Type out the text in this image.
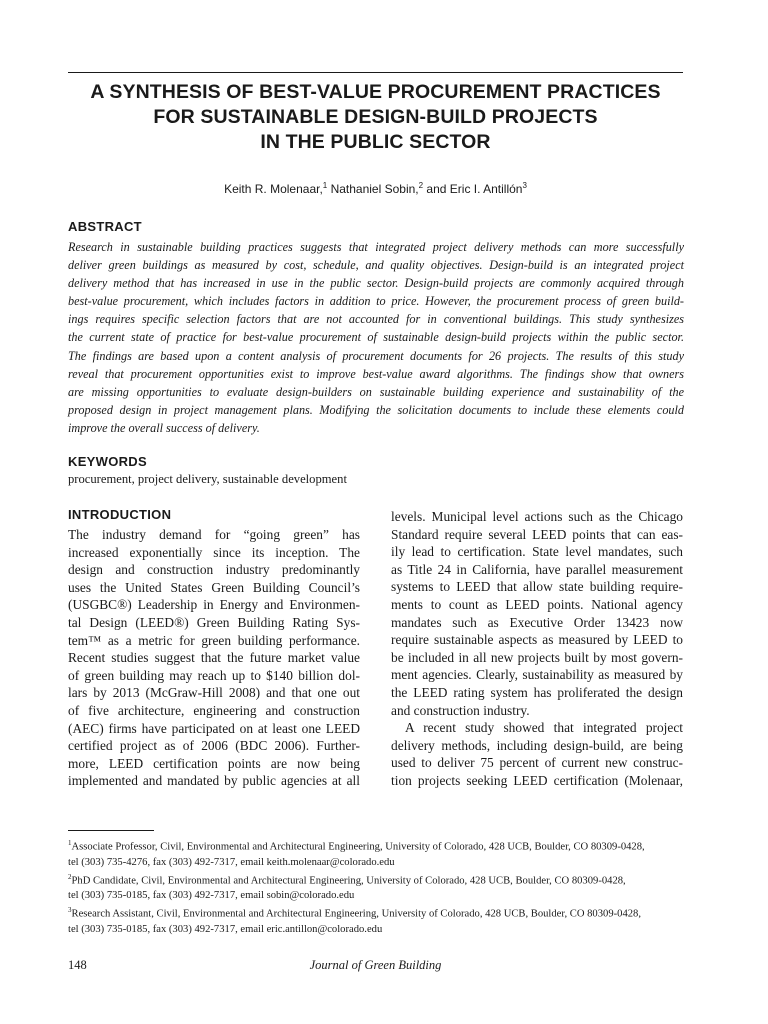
A SYNTHESIS OF BEST-VALUE PROCUREMENT PRACTICES
FOR SUSTAINABLE DESIGN-BUILD PROJECTS
IN THE PUBLIC SECTOR
Keith R. Molenaar,$^1$ Nathaniel Sobin,$^2$ and Eric I. Antillón$^3$
ABSTRACT
Research in sustainable building practices suggests that integrated project delivery methods can more successfully
deliver green buildings as measured by cost, schedule, and quality objectives. Design-build is an integrated project
delivery method that has increased in use in the public sector. Design-build projects are commonly acquired through
best-value procurement, which includes factors in addition to price. However, the procurement process of green build-
ings requires specific selection factors that are not accounted for in conventional buildings. This study synthesizes
the current state of practice for best-value procurement of sustainable design-build projects within the public sector.
The findings are based upon a content analysis of procurement documents for 26 projects. The results of this study
reveal that procurement opportunities exist to improve best-value award algorithms. The findings show that owners
are missing opportunities to evaluate design-builders on sustainable building experience and sustainability of the
proposed design in project management plans. Modifying the solicitation documents to include these elements could
improve the overall success of delivery.
KEYWORDS
procurement, project delivery, sustainable development
INTRODUCTION
The industry demand for “going green” has
increased exponentially since its inception. The
design and construction industry predominantly
uses the United States Green Building Council’s
(USGBC®) Leadership in Energy and Environmen-
tal Design (LEED®) Green Building Rating Sys-
tem™ as a metric for green building performance.
Recent studies suggest that the future market value
of green building may reach up to $140 billion dol-
lars by 2013 (McGraw-Hill 2008) and that one out
of five architecture, engineering and construction
(AEC) firms have participated on at least one LEED
certified project as of 2006 (BDC 2006). Further-
more, LEED certification points are now being
implemented and mandated by public agencies at all
levels. Municipal level actions such as the Chicago
Standard require several LEED points that can eas-
ily lead to certification. State level mandates, such
as Title 24 in California, have parallel measurement
systems to LEED that allow state building require-
ments to count as LEED points. National agency
mandates such as Executive Order 13423 now
require sustainable aspects as measured by LEED to
be included in all new projects built by most govern-
ment agencies. Clearly, sustainability as measured by
the LEED rating system has proliferated the design
and construction industry.
A recent study showed that integrated project
delivery methods, including design-build, are being
used to deliver 75 percent of current new construc-
tion projects seeking LEED certification (Molenaar,
$^1$Associate Professor, Civil, Environmental and Architectural Engineering, University of Colorado, 428 UCB, Boulder, CO 80309-0428,
tel (303) 735-4276, fax (303) 492-7317, email keith.molenaar@colorado.edu
$^2$PhD Candidate, Civil, Environmental and Architectural Engineering, University of Colorado, 428 UCB, Boulder, CO 80309-0428,
tel (303) 735-0185, fax (303) 492-7317, email sobin@colorado.edu
$^3$Research Assistant, Civil, Environmental and Architectural Engineering, University of Colorado, 428 UCB, Boulder, CO 80309-0428,
tel (303) 735-0185, fax (303) 492-7317, email eric.antillon@colorado.edu
148	Journal of Green Building
